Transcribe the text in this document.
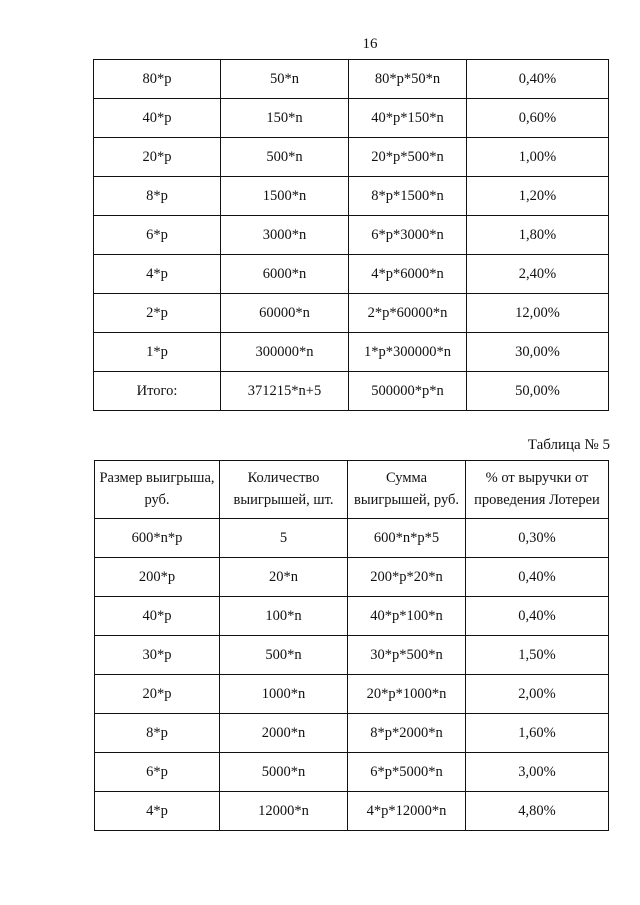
16
80*p	50*n	80*p*50*n	0,40%
40*p	150*n	40*p*150*n	0,60%
20*p	500*n	20*p*500*n	1,00%
8*p	1500*n	8*p*1500*n	1,20%
6*p	3000*n	6*p*3000*n	1,80%
4*p	6000*n	4*p*6000*n	2,40%
2*p	60000*n	2*p*60000*n	12,00%
1*p	300000*n	1*p*300000*n	30,00%
Итого:	371215*n+5	500000*p*n	50,00%
Таблица № 5
Размер выигрыша, руб.	Количество выигрышей, шт.	Сумма выигрышей, руб.	% от выручки от проведения Лотереи
600*n*p	5	600*n*p*5	0,30%
200*p	20*n	200*p*20*n	0,40%
40*p	100*n	40*p*100*n	0,40%
30*p	500*n	30*p*500*n	1,50%
20*p	1000*n	20*p*1000*n	2,00%
8*p	2000*n	8*p*2000*n	1,60%
6*p	5000*n	6*p*5000*n	3,00%
4*p	12000*n	4*p*12000*n	4,80%
